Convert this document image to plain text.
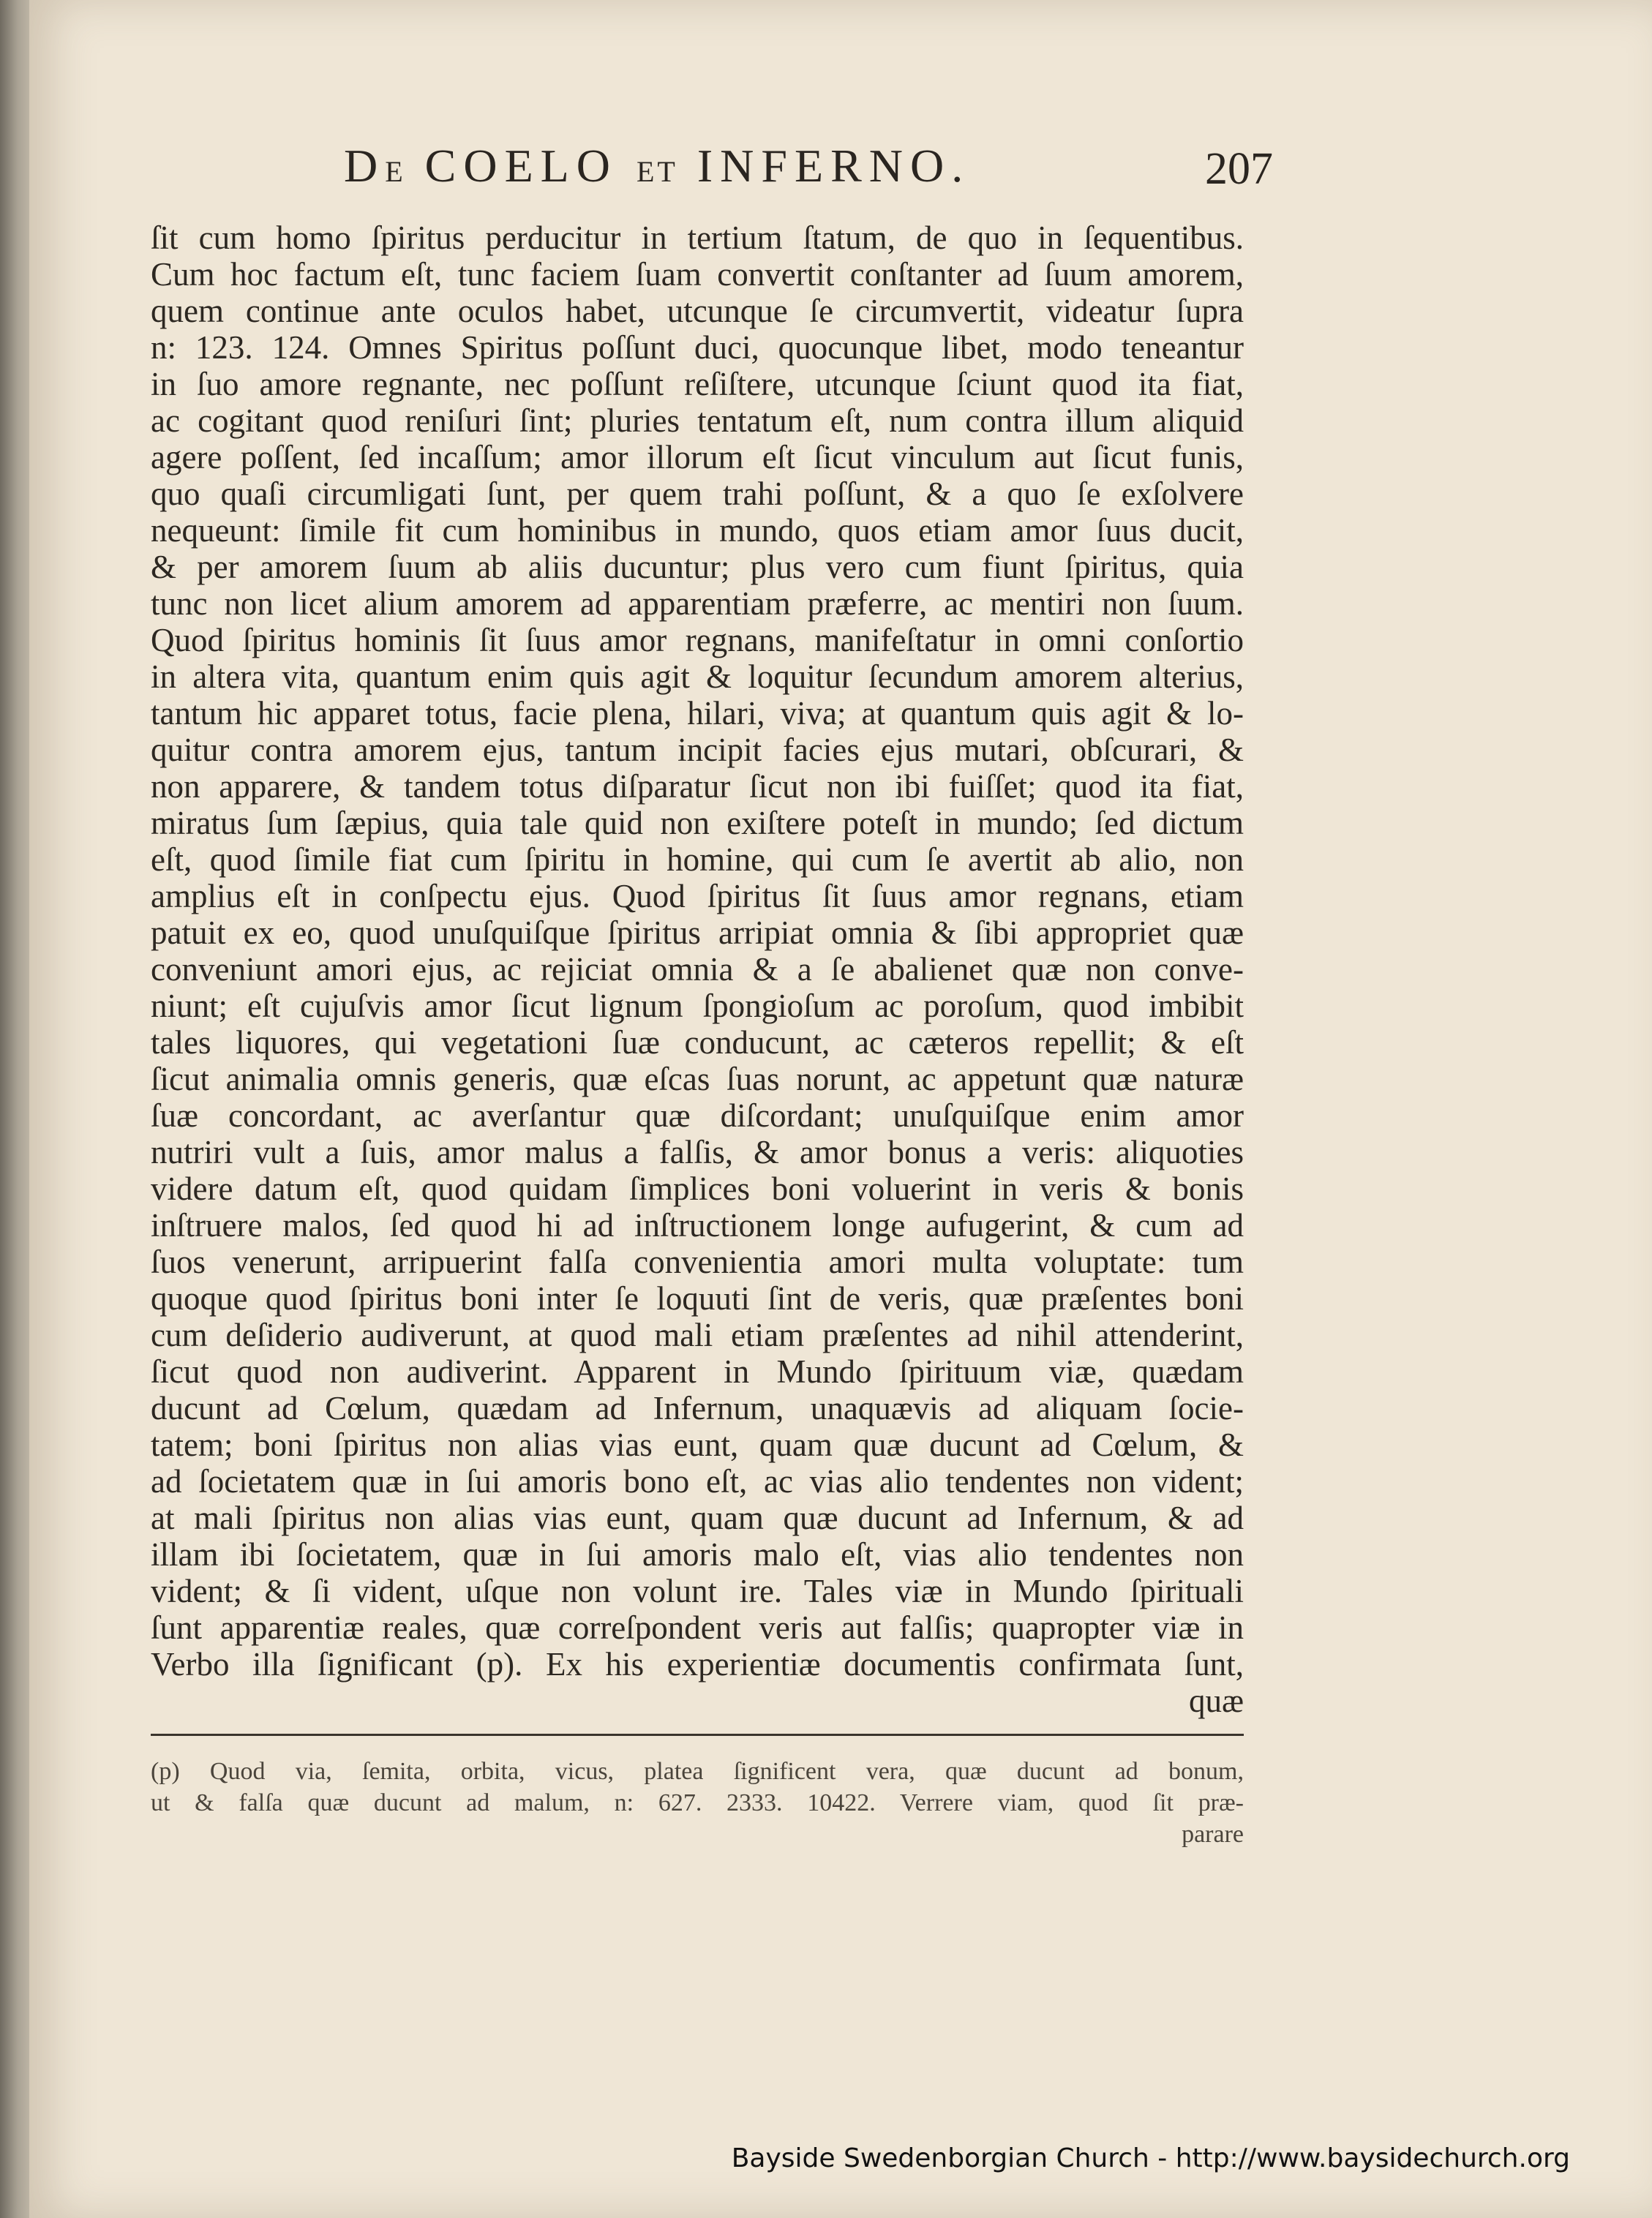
DE COELO ET INFERNO.	207
ſit cum homo ſpiritus perducitur in tertium ſtatum, de quo in ſequentibus.
Cum hoc factum eſt, tunc faciem ſuam convertit conſtanter ad ſuum amorem,
quem continue ante oculos habet, utcunque ſe circumvertit, videatur ſupra
n: 123. 124. Omnes Spiritus poſſunt duci, quocunque libet, modo teneantur
in ſuo amore regnante, nec poſſunt reſiſtere, utcunque ſciunt quod ita fiat,
ac cogitant quod reniſuri ſint; pluries tentatum eſt, num contra illum aliquid
agere poſſent, ſed incaſſum; amor illorum eſt ſicut vinculum aut ſicut funis,
quo quaſi circumligati ſunt, per quem trahi poſſunt, & a quo ſe exſolvere
nequeunt: ſimile fit cum hominibus in mundo, quos etiam amor ſuus ducit,
& per amorem ſuum ab aliis ducuntur; plus vero cum fiunt ſpiritus, quia
tunc non licet alium amorem ad apparentiam præferre, ac mentiri non ſuum.
Quod ſpiritus hominis ſit ſuus amor regnans, manifeſtatur in omni conſortio
in altera vita, quantum enim quis agit & loquitur ſecundum amorem alterius,
tantum hic apparet totus, facie plena, hilari, viva; at quantum quis agit & lo-
quitur contra amorem ejus, tantum incipit facies ejus mutari, obſcurari, &
non apparere, & tandem totus diſparatur ſicut non ibi fuiſſet; quod ita fiat,
miratus ſum ſæpius, quia tale quid non exiſtere poteſt in mundo; ſed dictum
eſt, quod ſimile fiat cum ſpiritu in homine, qui cum ſe avertit ab alio, non
amplius eſt in conſpectu ejus. Quod ſpiritus ſit ſuus amor regnans, etiam
patuit ex eo, quod unuſquiſque ſpiritus arripiat omnia & ſibi appropriet quæ
conveniunt amori ejus, ac rejiciat omnia & a ſe abalienet quæ non conve-
niunt; eſt cujuſvis amor ſicut lignum ſpongioſum ac poroſum, quod imbibit
tales liquores, qui vegetationi ſuæ conducunt, ac cæteros repellit; & eſt
ſicut animalia omnis generis, quæ eſcas ſuas norunt, ac appetunt quæ naturæ
ſuæ concordant, ac averſantur quæ diſcordant; unuſquiſque enim amor
nutriri vult a ſuis, amor malus a falſis, & amor bonus a veris: aliquoties
videre datum eſt, quod quidam ſimplices boni voluerint in veris & bonis
inſtruere malos, ſed quod hi ad inſtructionem longe aufugerint, & cum ad
ſuos venerunt, arripuerint falſa convenientia amori multa voluptate: tum
quoque quod ſpiritus boni inter ſe loquuti ſint de veris, quæ præſentes boni
cum deſiderio audiverunt, at quod mali etiam præſentes ad nihil attenderint,
ſicut quod non audiverint. Apparent in Mundo ſpirituum viæ, quædam
ducunt ad Cœlum, quædam ad Infernum, unaquævis ad aliquam ſocie-
tatem; boni ſpiritus non alias vias eunt, quam quæ ducunt ad Cœlum, &
ad ſocietatem quæ in ſui amoris bono eſt, ac vias alio tendentes non vident;
at mali ſpiritus non alias vias eunt, quam quæ ducunt ad Infernum, & ad
illam ibi ſocietatem, quæ in ſui amoris malo eſt, vias alio tendentes non
vident; & ſi vident, uſque non volunt ire. Tales viæ in Mundo ſpirituali
ſunt apparentiæ reales, quæ correſpondent veris aut falſis; quapropter viæ in
Verbo illa ſignificant (p). Ex his experientiæ documentis confirmata ſunt,
quæ
(p) Quod via, ſemita, orbita, vicus, platea ſignificent vera, quæ ducunt ad bonum,
ut & falſa quæ ducunt ad malum, n: 627. 2333. 10422. Verrere viam, quod ſit præ-
parare
Bayside Swedenborgian Church - http://www.baysidechurch.org
